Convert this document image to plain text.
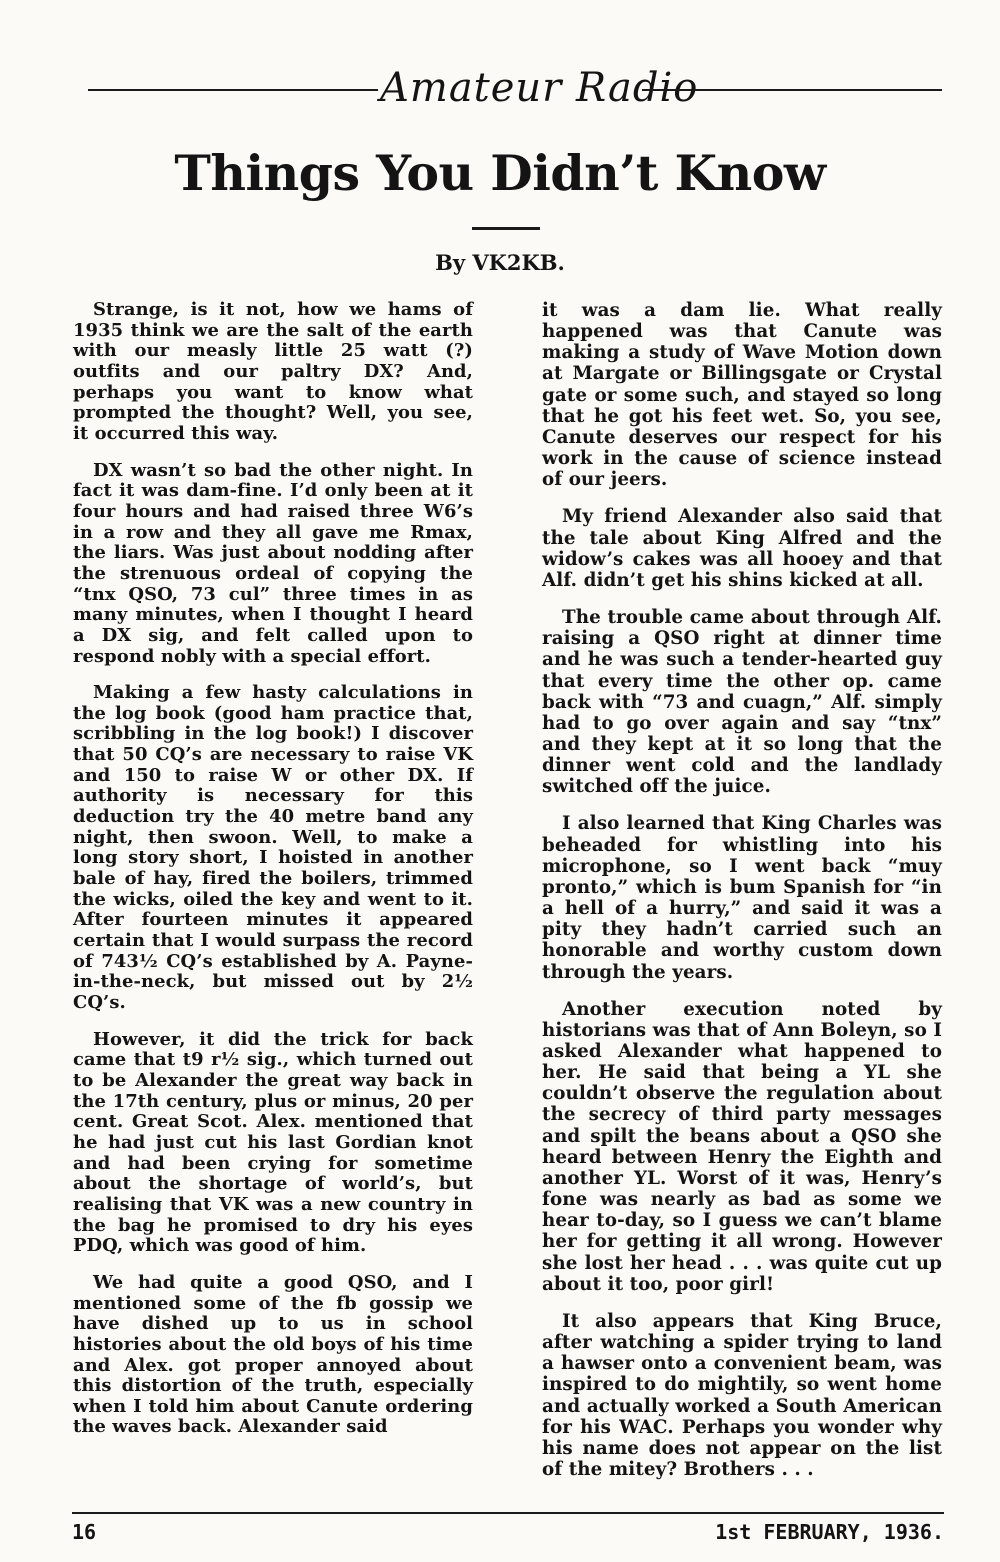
Amateur Radio
Things You Didn’t Know
By VK2KB.

Strange, is it not, how we hams of 1935 think we are the salt of the earth with our measly little 25 watt (?) outfits and our paltry DX? And, perhaps you want to know what prompted the thought? Well, you see, it occurred this way.

DX wasn’t so bad the other night. In fact it was dam-fine. I’d only been at it four hours and had raised three W6’s in a row and they all gave me Rmax, the liars. Was just about nodding after the strenuous ordeal of copying the “tnx QSO, 73 cul” three times in as many minutes, when I thought I heard a DX sig, and felt called upon to respond nobly with a special effort.

Making a few hasty calculations in the log book (good ham practice that, scribbling in the log book!) I discover that 50 CQ’s are necessary to raise VK and 150 to raise W or other DX. If authority is necessary for this deduction try the 40 metre band any night, then swoon. Well, to make a long story short, I hoisted in another bale of hay, fired the boilers, trimmed the wicks, oiled the key and went to it. After fourteen minutes it appeared certain that I would surpass the record of 743½ CQ’s established by A. Payne-in-the-neck, but missed out by 2½ CQ’s.

However, it did the trick for back came that t9 r½ sig., which turned out to be Alexander the great way back in the 17th century, plus or minus, 20 per cent. Great Scot. Alex. mentioned that he had just cut his last Gordian knot and had been crying for sometime about the shortage of world’s, but realising that VK was a new country in the bag he promised to dry his eyes PDQ, which was good of him.

We had quite a good QSO, and I mentioned some of the fb gossip we have dished up to us in school histories about the old boys of his time and Alex. got proper annoyed about this distortion of the truth, especially when I told him about Canute ordering the waves back. Alexander said

it was a dam lie. What really happened was that Canute was making a study of Wave Motion down at Margate or Billingsgate or Crystal gate or some such, and stayed so long that he got his feet wet. So, you see, Canute deserves our respect for his work in the cause of science instead of our jeers.

My friend Alexander also said that the tale about King Alfred and the widow’s cakes was all hooey and that Alf. didn’t get his shins kicked at all.

The trouble came about through Alf. raising a QSO right at dinner time and he was such a tender-hearted guy that every time the other op. came back with “73 and cuagn,” Alf. simply had to go over again and say “tnx” and they kept at it so long that the dinner went cold and the landlady switched off the juice.

I also learned that King Charles was beheaded for whistling into his microphone, so I went back “muy pronto,” which is bum Spanish for “in a hell of a hurry,” and said it was a pity they hadn’t carried such an honorable and worthy custom down through the years.

Another execution noted by historians was that of Ann Boleyn, so I asked Alexander what happened to her. He said that being a YL she couldn’t observe the regulation about the secrecy of third party messages and spilt the beans about a QSO she heard between Henry the Eighth and another YL. Worst of it was, Henry’s fone was nearly as bad as some we hear to-day, so I guess we can’t blame her for getting it all wrong. However she lost her head . . . was quite cut up about it too, poor girl!

It also appears that King Bruce, after watching a spider trying to land a hawser onto a convenient beam, was inspired to do mightily, so went home and actually worked a South American for his WAC. Perhaps you wonder why his name does not appear on the list of the mitey? Brothers . . .

16	1st FEBRUARY, 1936.
